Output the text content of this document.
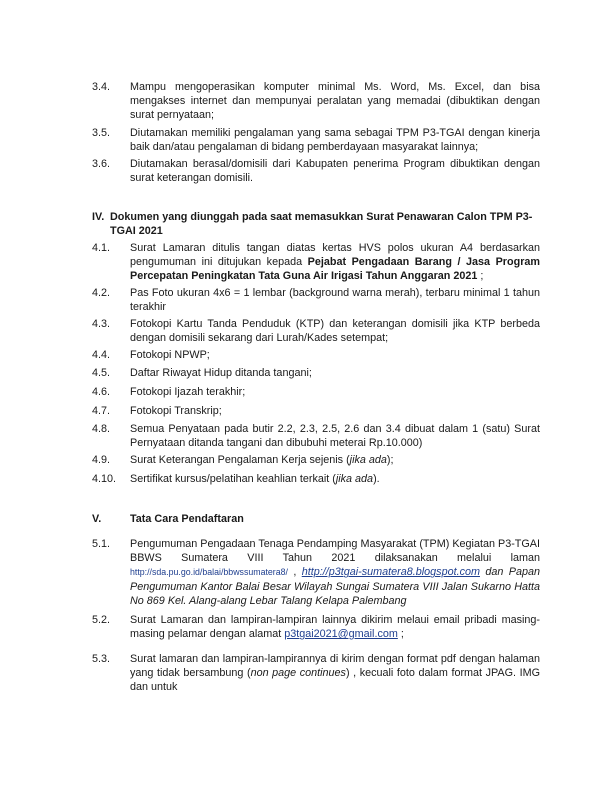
3.4. Mampu mengoperasikan komputer minimal Ms. Word, Ms. Excel, dan bisa mengakses internet dan mempunyai peralatan yang memadai (dibuktikan dengan surat pernyataan;
3.5. Diutamakan memiliki pengalaman yang sama sebagai TPM P3-TGAI dengan kinerja baik dan/atau pengalaman di bidang pemberdayaan masyarakat lainnya;
3.6. Diutamakan berasal/domisili dari Kabupaten penerima Program dibuktikan dengan surat keterangan domisili.
IV. Dokumen yang diunggah pada saat memasukkan Surat Penawaran Calon TPM P3-TGAI 2021
4.1. Surat Lamaran ditulis tangan diatas kertas HVS polos ukuran A4 berdasarkan pengumuman ini ditujukan kepada Pejabat Pengadaan Barang / Jasa Program Percepatan Peningkatan Tata Guna Air Irigasi Tahun Anggaran 2021 ;
4.2. Pas Foto ukuran 4x6 = 1 lembar (background warna merah), terbaru minimal 1 tahun terakhir
4.3. Fotokopi Kartu Tanda Penduduk (KTP) dan keterangan domisili jika KTP berbeda dengan domisili sekarang dari Lurah/Kades setempat;
4.4. Fotokopi NPWP;
4.5. Daftar Riwayat Hidup ditanda tangani;
4.6. Fotokopi Ijazah terakhir;
4.7. Fotokopi Transkrip;
4.8. Semua Penyataan pada butir 2.2, 2.3, 2.5, 2.6 dan 3.4 dibuat dalam 1 (satu) Surat Pernyataan ditanda tangani dan dibubuhi meterai Rp.10.000)
4.9. Surat Keterangan Pengalaman Kerja sejenis (jika ada);
4.10. Sertifikat kursus/pelatihan keahlian terkait (jika ada).
V.	Tata Cara Pendaftaran
5.1. Pengumuman Pengadaan Tenaga Pendamping Masyarakat (TPM) Kegiatan P3-TGAI BBWS Sumatera VIII Tahun 2021 dilaksanakan melalui laman http://sda.pu.go.id/balai/bbwssumatera8/ , http://p3tgai-sumatera8.blogspot.com dan Papan Pengumuman Kantor Balai Besar Wilayah Sungai Sumatera VIII Jalan Sukarno Hatta No 869 Kel. Alang-alang Lebar Talang Kelapa Palembang
5.2. Surat Lamaran dan lampiran-lampiran lainnya dikirim melaui email pribadi masing-masing pelamar dengan alamat p3tgai2021@gmail.com ;
5.3. Surat lamaran dan lampiran-lampirannya di kirim dengan format pdf dengan halaman yang tidak bersambung (non page continues) , kecuali foto dalam format JPAG. IMG dan untuk
